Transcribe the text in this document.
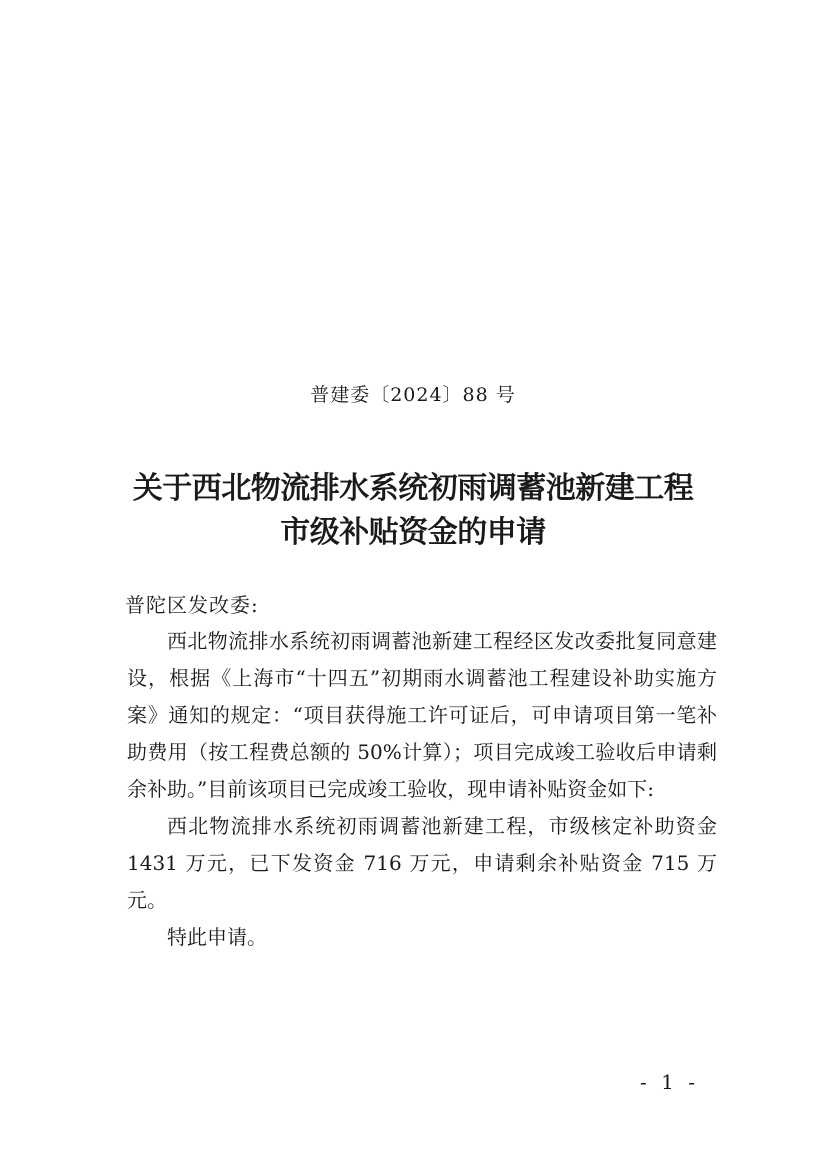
普建委〔2024〕88 号
关于西北物流排水系统初雨调蓄池新建工程
市级补贴资金的申请
普陀区发改委:

西北物流排水系统初雨调蓄池新建工程经区发改委批复同意建设，根据《上海市“十四五”初期雨水调蓄池工程建设补助实施方案》通知的规定：“项目获得施工许可证后，可申请项目第一笔补助费用（按工程费总额的 50%计算）；项目完成竣工验收后申请剩余补助。”目前该项目已完成竣工验收，现申请补贴资金如下:

西北物流排水系统初雨调蓄池新建工程，市级核定补助资金 1431 万元，已下发资金 716 万元，申请剩余补贴资金 715 万元。

特此申请。

- 1 -
